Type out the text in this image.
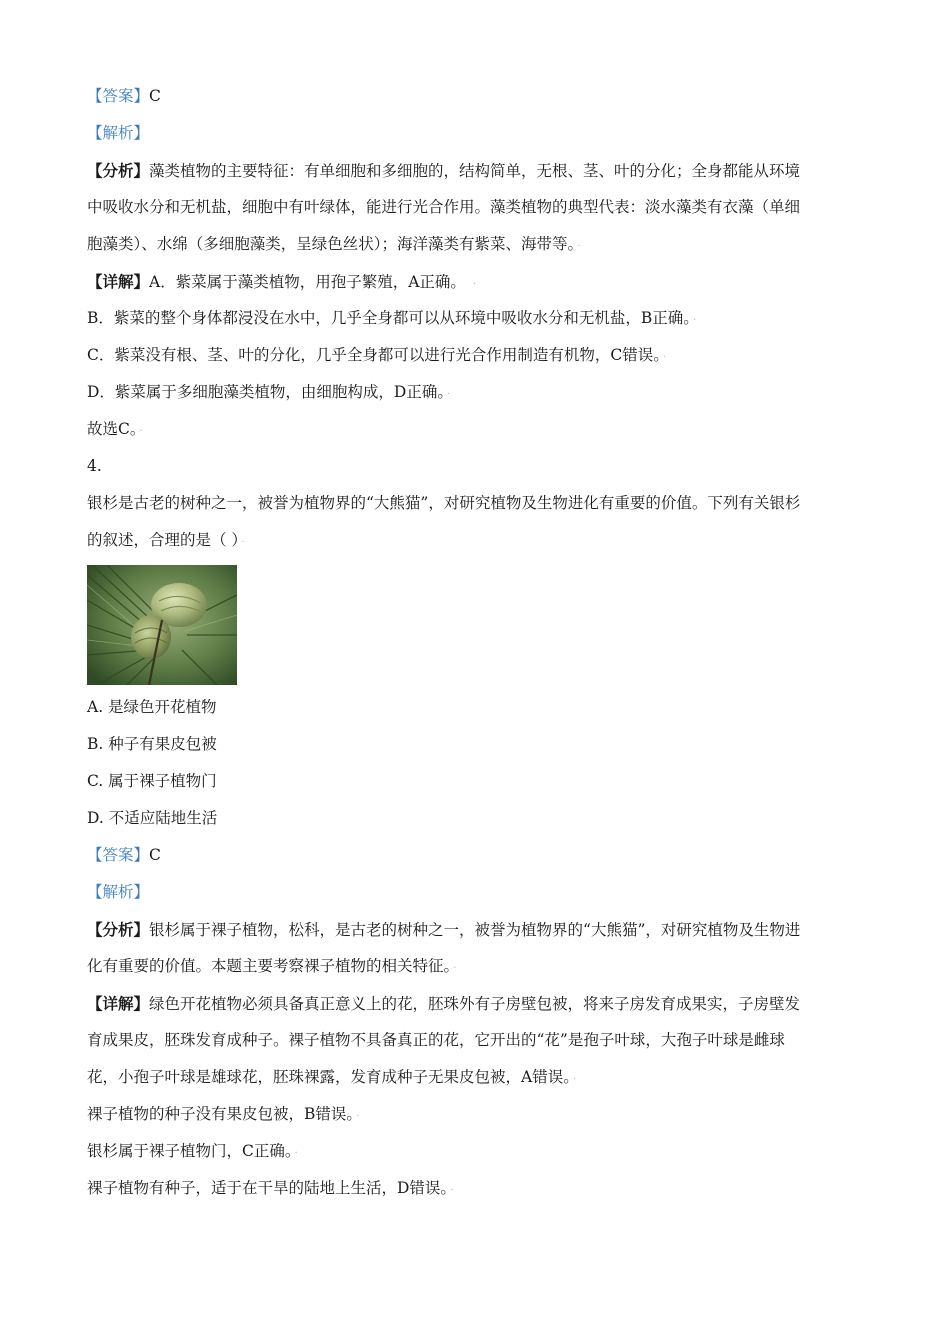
【答案】C
【解析】
【分析】藻类植物的主要特征：有单细胞和多细胞的，结构简单，无根、茎、叶的分化；全身都能从环境
中吸收水分和无机盐，细胞中有叶绿体，能进行光合作用。藻类植物的典型代表：淡水藻类有衣藻（单细
胞藻类）、水绵（多细胞藻类，呈绿色丝状）；海洋藻类有紫菜、海带等。 ·
【详解】A．紫菜属于藻类植物，用孢子繁殖，A正确。 ·
B．紫菜的整个身体都浸没在水中，几乎全身都可以从环境中吸收水分和无机盐，B正确。 ·
C．紫菜没有根、茎、叶的分化，几乎全身都可以进行光合作用制造有机物，C错误。 ·
D．紫菜属于多细胞藻类植物，由细胞构成，D正确。 ·
故选C。 ·
4.
银杉是古老的树种之一，被誉为植物界的“大熊猫”，对研究植物及生物进化有重要的价值。下列有关银杉
的叙述，合理的是（ ） ·
A. 是绿色开花植物
B. 种子有果皮包被
C. 属于裸子植物门
D. 不适应陆地生活
【答案】C
【解析】
【分析】银杉属于裸子植物，松科，是古老的树种之一，被誉为植物界的“大熊猫”，对研究植物及生物进
化有重要的价值。本题主要考察裸子植物的相关特征。 ·
【详解】绿色开花植物必须具备真正意义上的花，胚珠外有子房壁包被，将来子房发育成果实，子房壁发
育成果皮，胚珠发育成种子。裸子植物不具备真正的花，它开出的“花”是孢子叶球，大孢子叶球是雌球
花，小孢子叶球是雄球花，胚珠裸露，发育成种子无果皮包被，A错误。 ·
裸子植物的种子没有果皮包被，B错误。 ·
银杉属于裸子植物门，C正确。 ·
裸子植物有种子，适于在干旱的陆地上生活，D错误。 ·
